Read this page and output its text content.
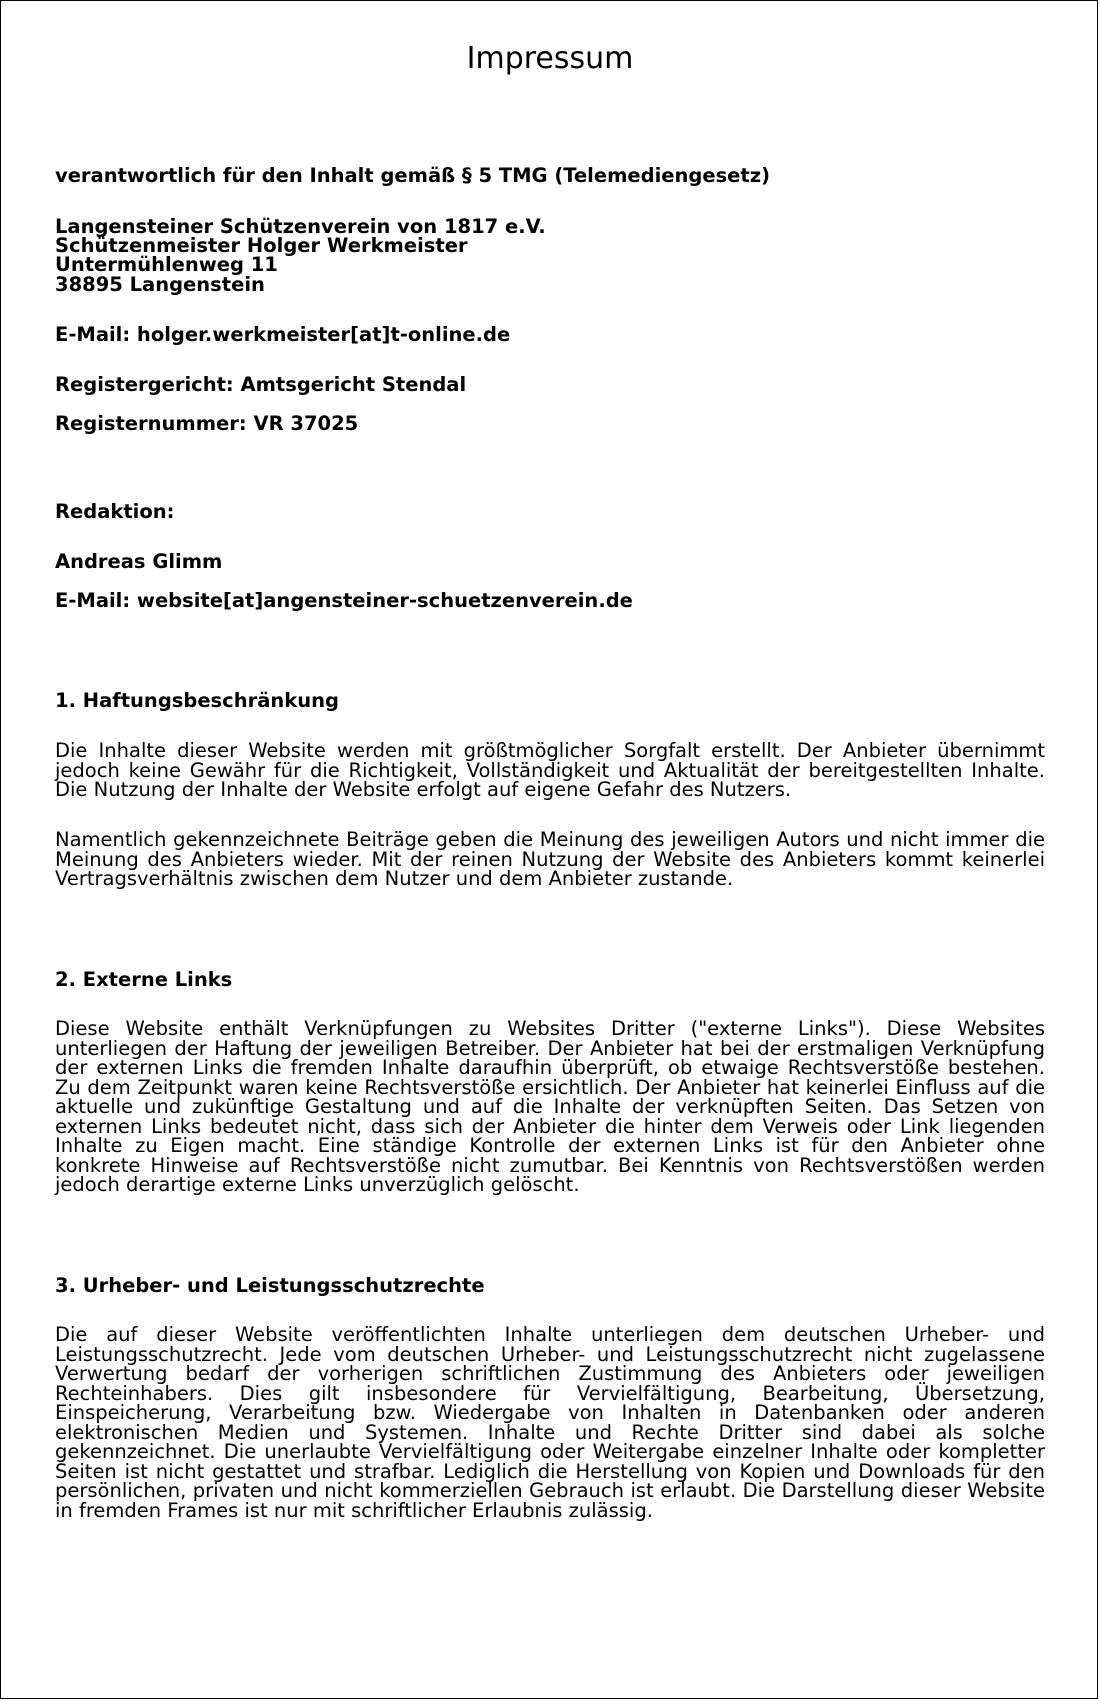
Impressum

verantwortlich für den Inhalt gemäß § 5 TMG (Telemediengesetz)

Langensteiner Schützenverein von 1817 e.V.

Schützenmeister Holger Werkmeister

Untermühlenweg 11

38895 Langenstein

E-Mail: holger.werkmeister[at]t-online.de

Registergericht: Amtsgericht Stendal

Registernummer: VR 37025

Redaktion:

Andreas Glimm

E-Mail: website[at]angensteiner-schuetzenverein.de

1. Haftungsbeschränkung

Die Inhalte dieser Website werden mit größtmöglicher Sorgfalt erstellt. Der Anbieter übernimmt jedoch keine Gewähr für die Richtigkeit, Vollständigkeit und Aktualität der bereitgestellten Inhalte. Die Nutzung der Inhalte der Website erfolgt auf eigene Gefahr des Nutzers.

Namentlich gekennzeichnete Beiträge geben die Meinung des jeweiligen Autors und nicht immer die Meinung des Anbieters wieder. Mit der reinen Nutzung der Website des Anbieters kommt keinerlei Vertragsverhältnis zwischen dem Nutzer und dem Anbieter zustande.

2. Externe Links

Diese Website enthält Verknüpfungen zu Websites Dritter ("externe Links"). Diese Websites unterliegen der Haftung der jeweiligen Betreiber. Der Anbieter hat bei der erstmaligen Verknüpfung der externen Links die fremden Inhalte daraufhin überprüft, ob etwaige Rechtsverstöße bestehen. Zu dem Zeitpunkt waren keine Rechtsverstöße ersichtlich. Der Anbieter hat keinerlei Einfluss auf die aktuelle und zukünftige Gestaltung und auf die Inhalte der verknüpften Seiten. Das Setzen von externen Links bedeutet nicht, dass sich der Anbieter die hinter dem Verweis oder Link liegenden Inhalte zu Eigen macht. Eine ständige Kontrolle der externen Links ist für den Anbieter ohne konkrete Hinweise auf Rechtsverstöße nicht zumutbar. Bei Kenntnis von Rechtsverstößen werden jedoch derartige externe Links unverzüglich gelöscht.

3. Urheber- und Leistungsschutzrechte

Die auf dieser Website veröffentlichten Inhalte unterliegen dem deutschen Urheber- und Leistungsschutzrecht. Jede vom deutschen Urheber- und Leistungsschutzrecht nicht zugelassene Verwertung bedarf der vorherigen schriftlichen Zustimmung des Anbieters oder jeweiligen Rechteinhabers. Dies gilt insbesondere für Vervielfältigung, Bearbeitung, Übersetzung, Einspeicherung, Verarbeitung bzw. Wiedergabe von Inhalten in Datenbanken oder anderen elektronischen Medien und Systemen. Inhalte und Rechte Dritter sind dabei als solche gekennzeichnet. Die unerlaubte Vervielfältigung oder Weitergabe einzelner Inhalte oder kompletter Seiten ist nicht gestattet und strafbar. Lediglich die Herstellung von Kopien und Downloads für den persönlichen, privaten und nicht kommerziellen Gebrauch ist erlaubt. Die Darstellung dieser Website in fremden Frames ist nur mit schriftlicher Erlaubnis zulässig.
